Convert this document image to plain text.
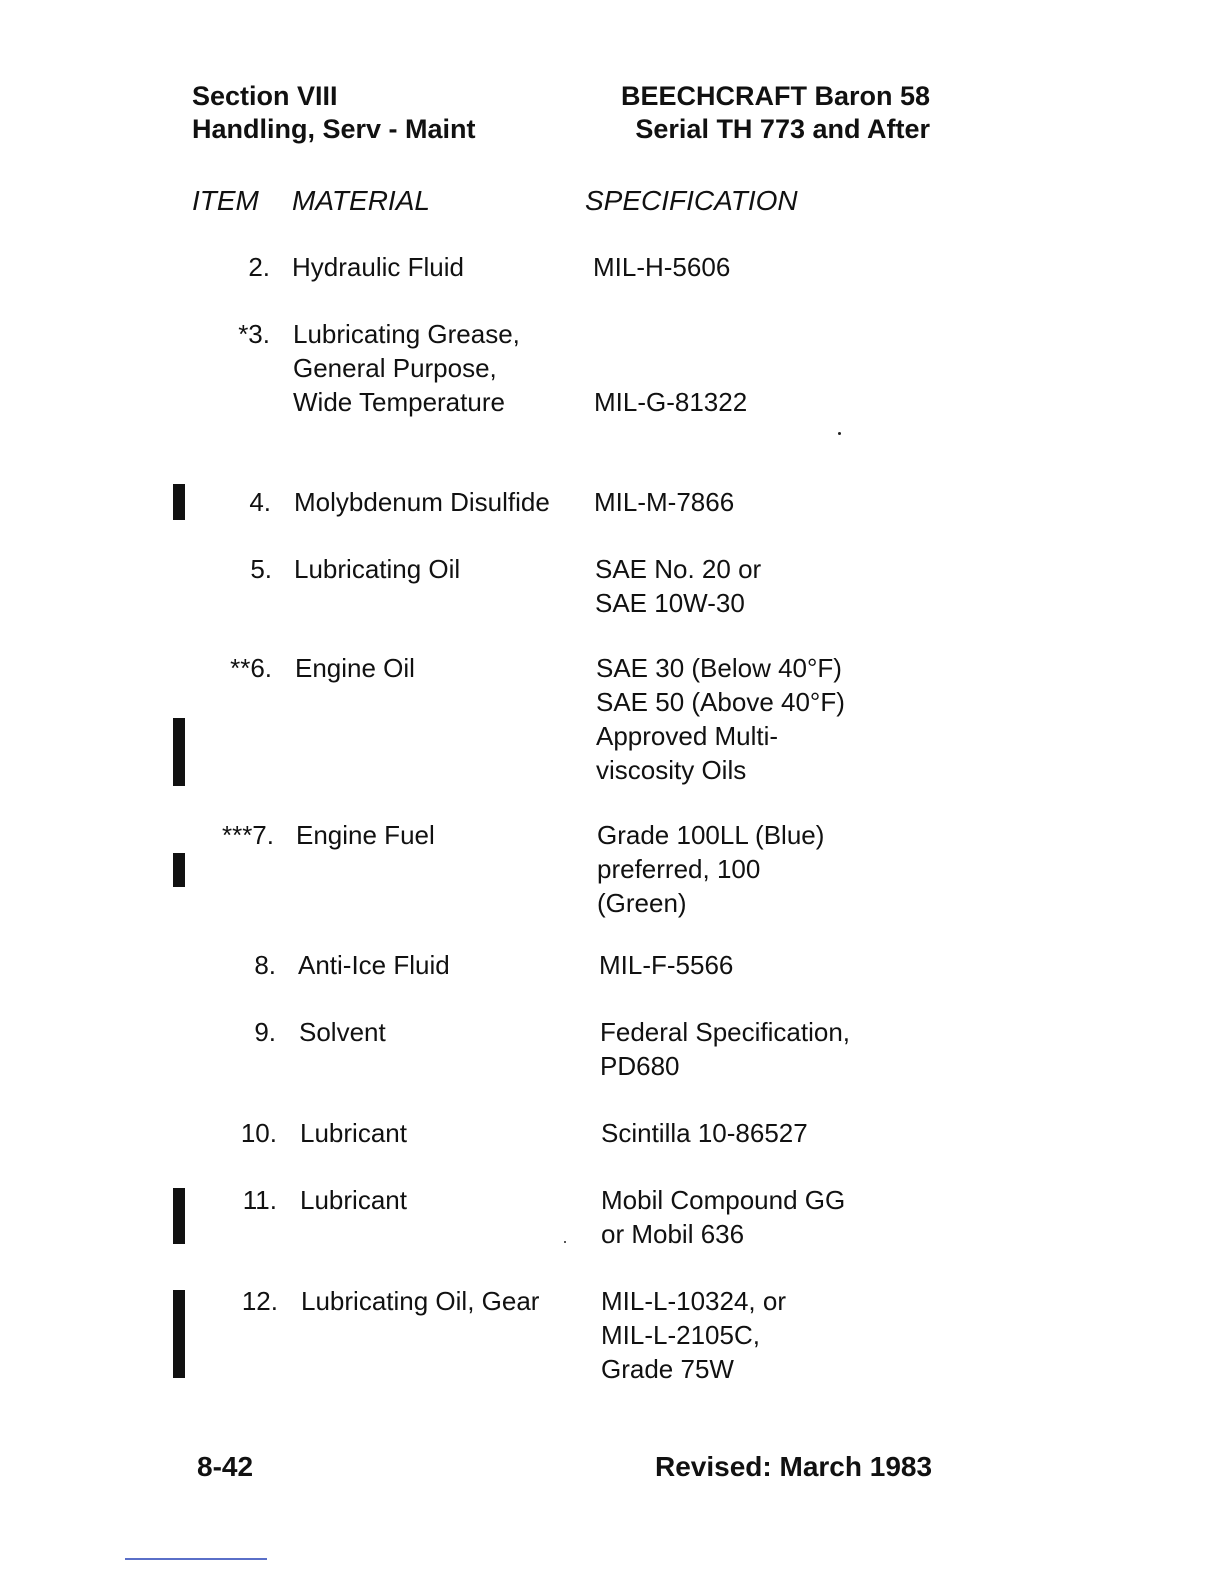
Section VIII
Handling, Serv - Maint
BEECHCRAFT Baron 58
Serial TH 773 and After
ITEM MATERIAL	SPECIFICATION
2. Hydraulic Fluid	MIL-H-5606
*3. Lubricating Grease,
General Purpose,
Wide Temperature	MIL-G-81322
4. Molybdenum Disulfide MIL-M-7866
5. Lubricating Oil	SAE No. 20 or
SAE 10W-30
**6. Engine Oil	SAE 30 (Below 40°F)
SAE 50 (Above 40°F)
Approved Multi-
viscosity Oils
***7. Engine Fuel	Grade 100LL (Blue)
preferred, 100
(Green)
8. Anti-Ice Fluid	MIL-F-5566
9. Solvent	Federal Specification,
PD680
10. Lubricant	Scintilla 10-86527
11. Lubricant	Mobil Compound GG
or Mobil 636
12. Lubricating Oil, Gear MIL-L-10324, or
MIL-L-2105C,
Grade 75W
8-42	Revised: March 1983
